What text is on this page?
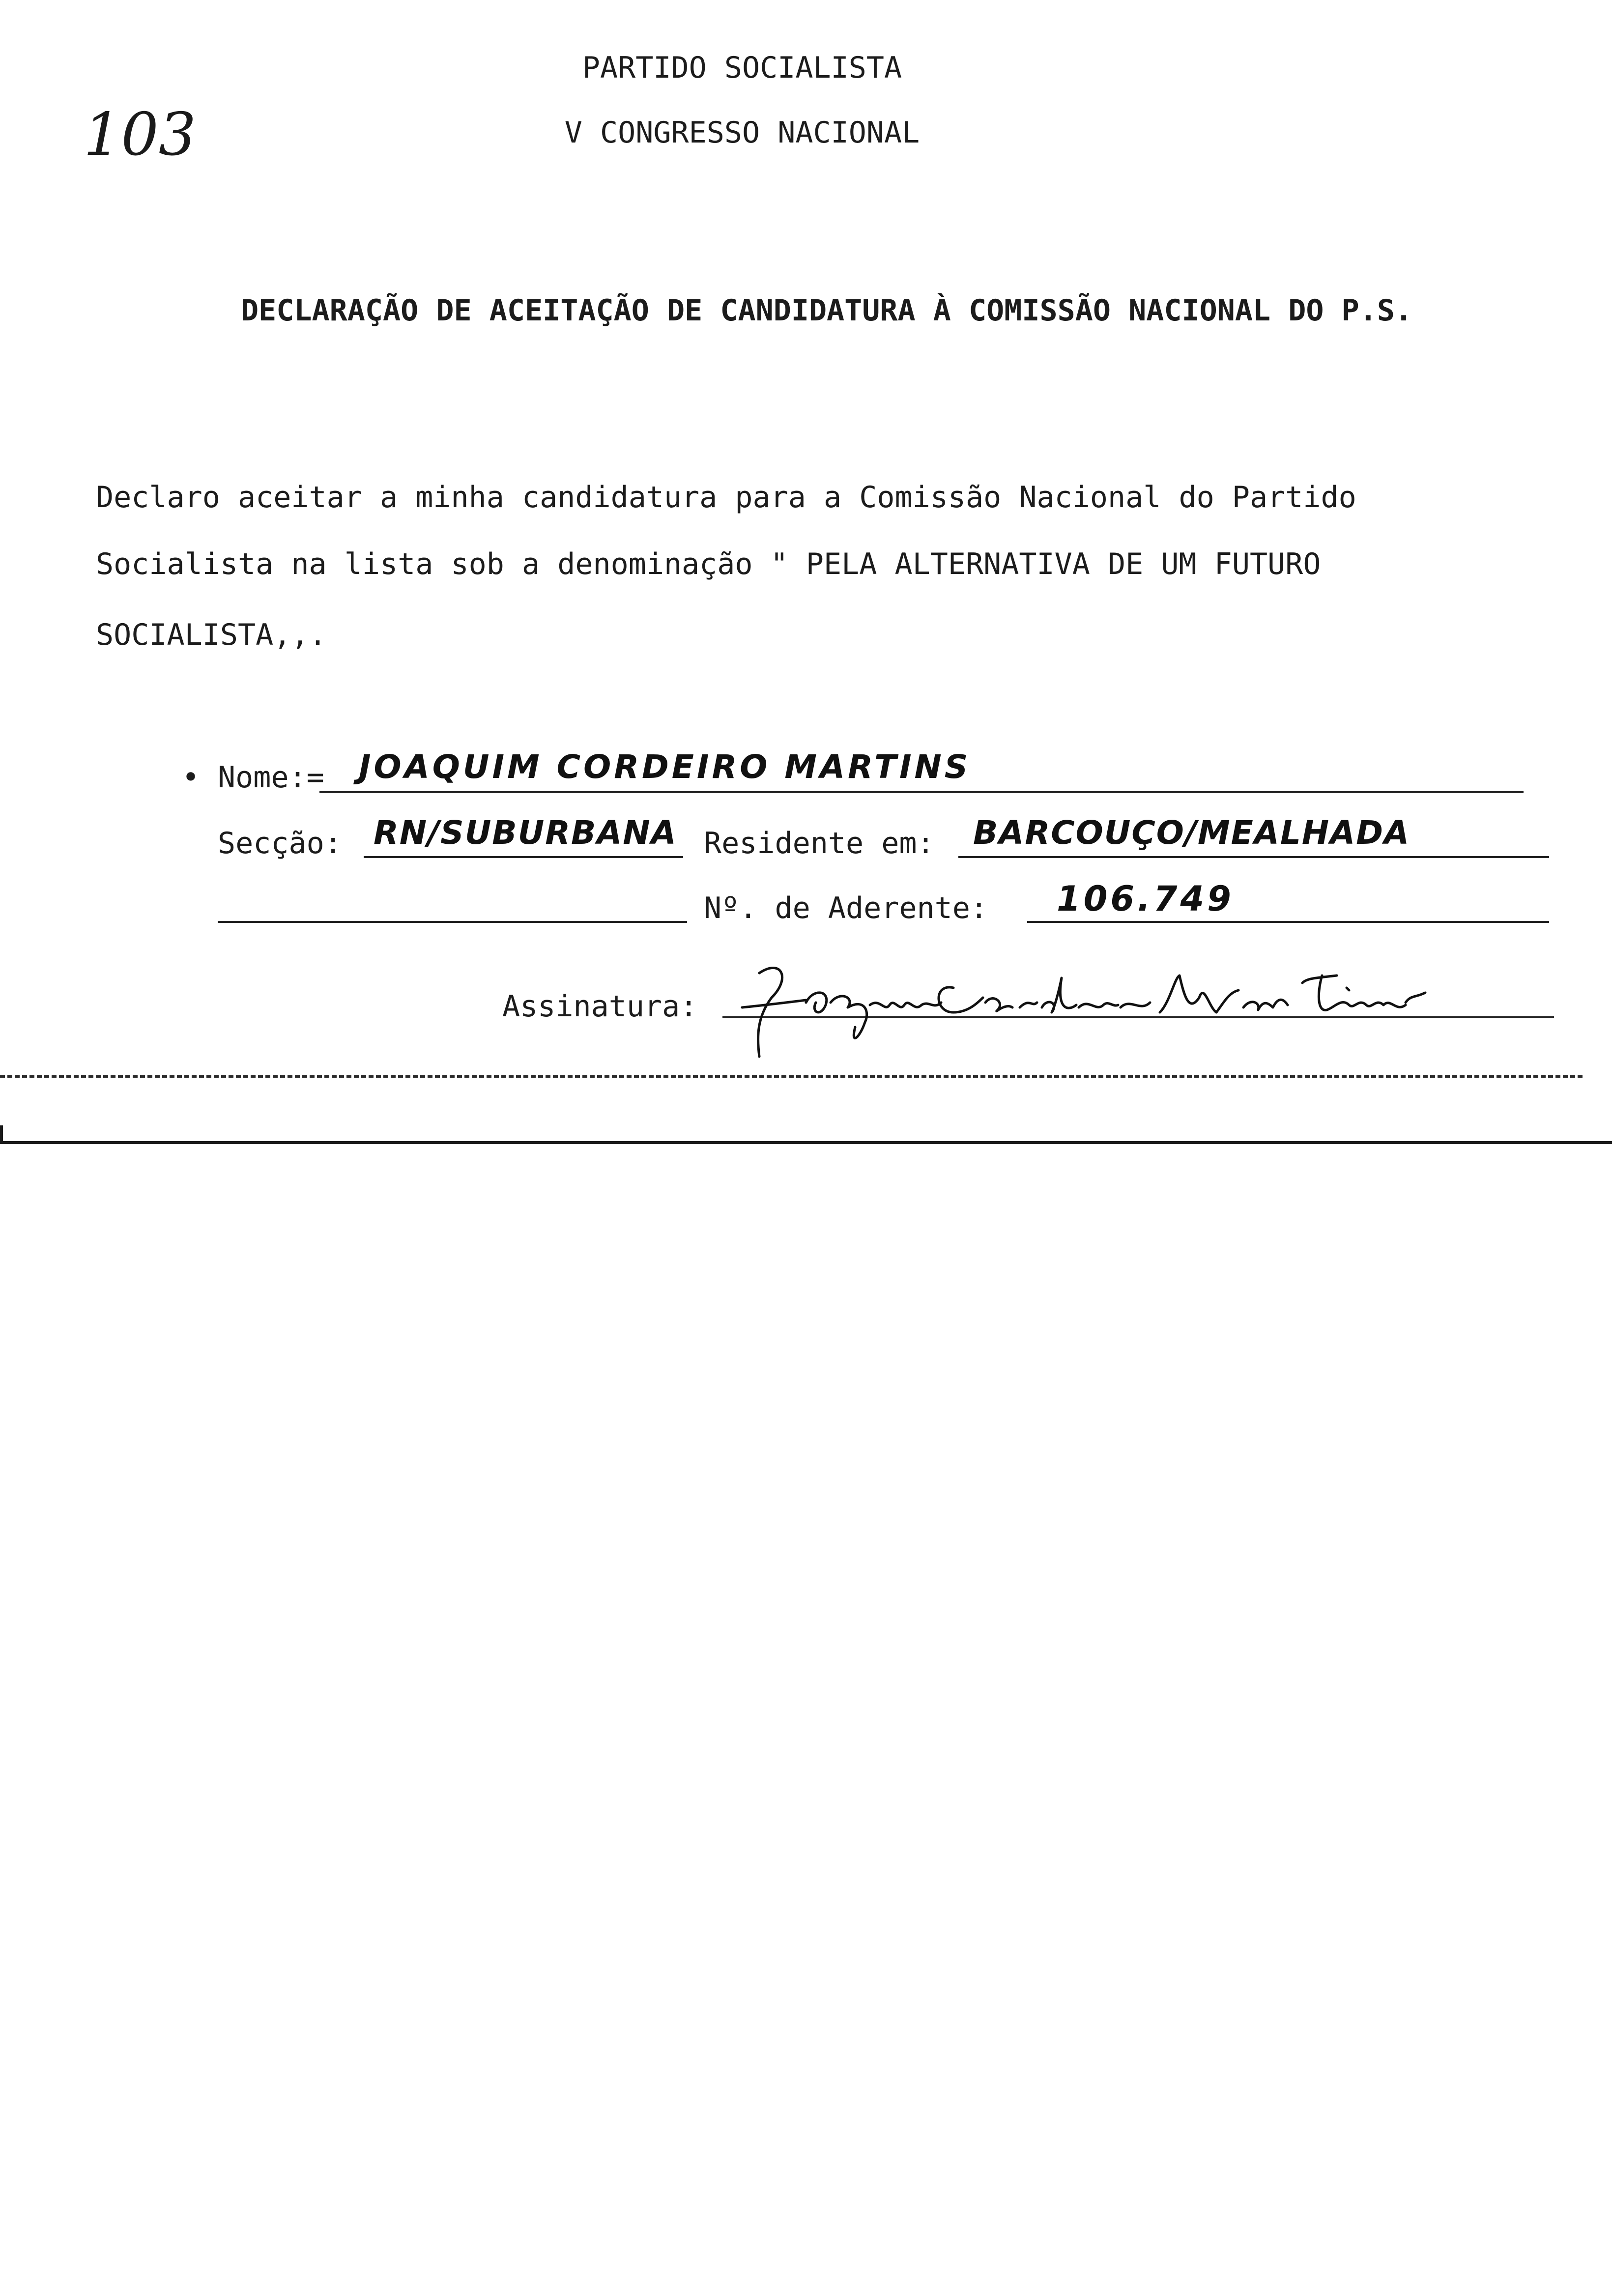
103
PARTIDO SOCIALISTA
V CONGRESSO NACIONAL
DECLARAÇÃO DE ACEITAÇÃO DE CANDIDATURA À COMISSÃO NACIONAL DO P.S.
Declaro aceitar a minha candidatura para a Comissão Nacional do Partido
Socialista na lista sob a denominação " PELA ALTERNATIVA DE UM FUTURO
SOCIALISTA,,.
• Nome:= JOAQUIM CORDEIRO MARTINS
Secção: RN/SUBURBANA Residente em: BARCOUÇO/MEALHADA
Nº. de Aderente: 106.749
Assinatura:
